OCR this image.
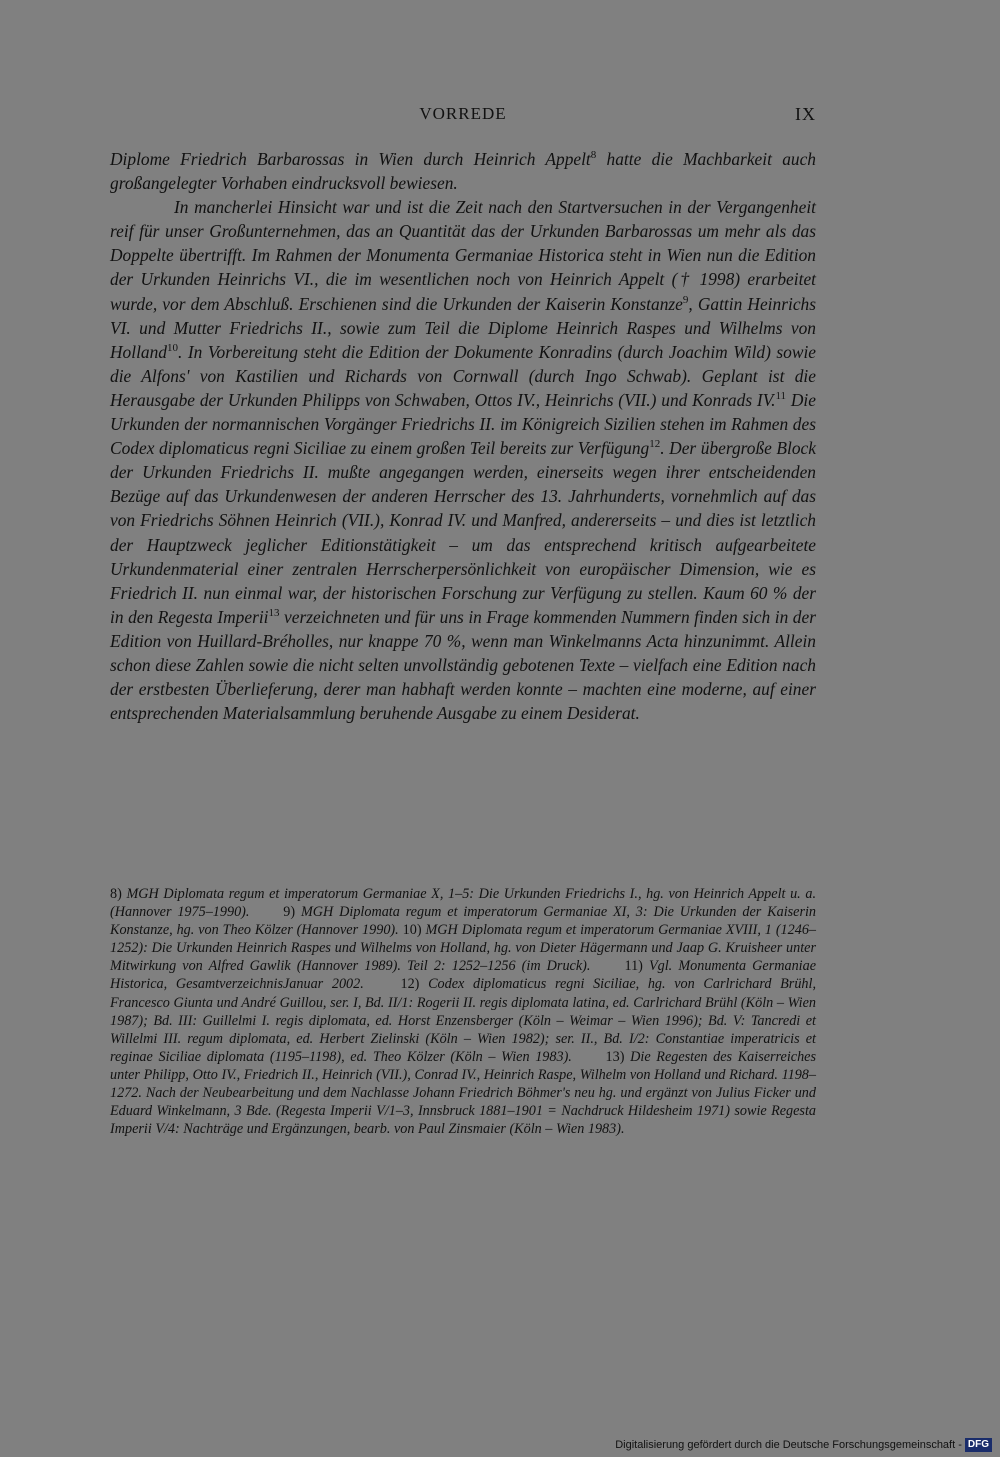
VORREDE	IX

Diplome Friedrich Barbarossas in Wien durch Heinrich Appelt$^8$ hatte die Machbarkeit auch großangelegter Vorhaben eindrucksvoll bewiesen.

In mancherlei Hinsicht war und ist die Zeit nach den Startversuchen in der Vergangenheit reif für unser Großunternehmen, das an Quantität das der Urkunden Barbarossas um mehr als das Doppelte übertrifft. Im Rahmen der Monumenta Germaniae Historica steht in Wien nun die Edition der Urkunden Heinrichs VI., die im wesentlichen noch von Heinrich Appelt († 1998) erarbeitet wurde, vor dem Abschluß. Erschienen sind die Urkunden der Kaiserin Konstanze$^9$, Gattin Heinrichs VI. und Mutter Friedrichs II., sowie zum Teil die Diplome Heinrich Raspes und Wilhelms von Holland$^{10}$. In Vorbereitung steht die Edition der Dokumente Konradins (durch Joachim Wild) sowie die Alfons' von Kastilien und Richards von Cornwall (durch Ingo Schwab). Geplant ist die Herausgabe der Urkunden Philipps von Schwaben, Ottos IV., Heinrichs (VII.) und Konrads IV.$^{11}$ Die Urkunden der normannischen Vorgänger Friedrichs II. im Königreich Sizilien stehen im Rahmen des Codex diplomaticus regni Siciliae zu einem großen Teil bereits zur Verfügung$^{12}$. Der übergroße Block der Urkunden Friedrichs II. mußte angegangen werden, einerseits wegen ihrer entscheidenden Bezüge auf das Urkundenwesen der anderen Herrscher des 13. Jahrhunderts, vornehmlich auf das von Friedrichs Söhnen Heinrich (VII.), Konrad IV. und Manfred, andererseits – und dies ist letztlich der Hauptzweck jeglicher Editionstätigkeit – um das entsprechend kritisch aufgearbeitete Urkundenmaterial einer zentralen Herrscherpersönlichkeit von europäischer Dimension, wie es Friedrich II. nun einmal war, der historischen Forschung zur Verfügung zu stellen. Kaum 60 % der in den Regesta Imperii$^{13}$ verzeichneten und für uns in Frage kommenden Nummern finden sich in der Edition von Huillard-Bréholles, nur knappe 70 %, wenn man Winkelmanns Acta hinzunimmt. Allein schon diese Zahlen sowie die nicht selten unvollständig gebotenen Texte – vielfach eine Edition nach der erstbesten Überlieferung, derer man habhaft werden konnte – machten eine moderne, auf einer entsprechenden Materialsammlung beruhende Ausgabe zu einem Desiderat.

8) MGH Diplomata regum et imperatorum Germaniae X, 1–5: Die Urkunden Friedrichs I., hg. von Heinrich Appelt u. a. (Hannover 1975–1990). 9) MGH Diplomata regum et imperatorum Germaniae XI, 3: Die Urkunden der Kaiserin Konstanze, hg. von Theo Kölzer (Hannover 1990). 10) MGH Diplomata regum et imperatorum Germaniae XVIII, 1 (1246–1252): Die Urkunden Heinrich Raspes und Wilhelms von Holland, hg. von Dieter Hägermann und Jaap G. Kruisheer unter Mitwirkung von Alfred Gawlik (Hannover 1989). Teil 2: 1252–1256 (im Druck). 11) Vgl. Monumenta Germaniae Historica, GesamtverzeichnisJanuar 2002.	12) Codex diplomaticus regni Siciliae, hg. von Carlrichard Brühl, Francesco Giunta und André Guillou, ser. I, Bd. II/1: Rogerii II. regis diplomata latina, ed. Carlrichard Brühl (Köln – Wien 1987); Bd. III: Guillelmi I. regis diplomata, ed. Horst Enzensberger (Köln – Weimar – Wien 1996); Bd. V: Tancredi et Willelmi III. regum diplomata, ed. Herbert Zielinski (Köln – Wien 1982); ser. II., Bd. I/2: Constantiae imperatricis et reginae Siciliae diplomata (1195–1198), ed. Theo Kölzer (Köln – Wien 1983). 13) Die Regesten des Kaiserreiches unter Philipp, Otto IV., Friedrich II., Heinrich (VII.), Conrad IV., Heinrich Raspe, Wilhelm von Holland und Richard. 1198–1272. Nach der Neubearbeitung und dem Nachlasse Johann Friedrich Böhmer's neu hg. und ergänzt von Julius Ficker und Eduard Winkelmann, 3 Bde. (Regesta Imperii V/1–3, Innsbruck 1881–1901 = Nachdruck Hildesheim 1971) sowie Regesta Imperii V/4: Nachträge und Ergänzungen, bearb. von Paul Zinsmaier (Köln – Wien 1983).
Digitalisierung gefördert durch die Deutsche Forschungsgemeinschaft - DFG
